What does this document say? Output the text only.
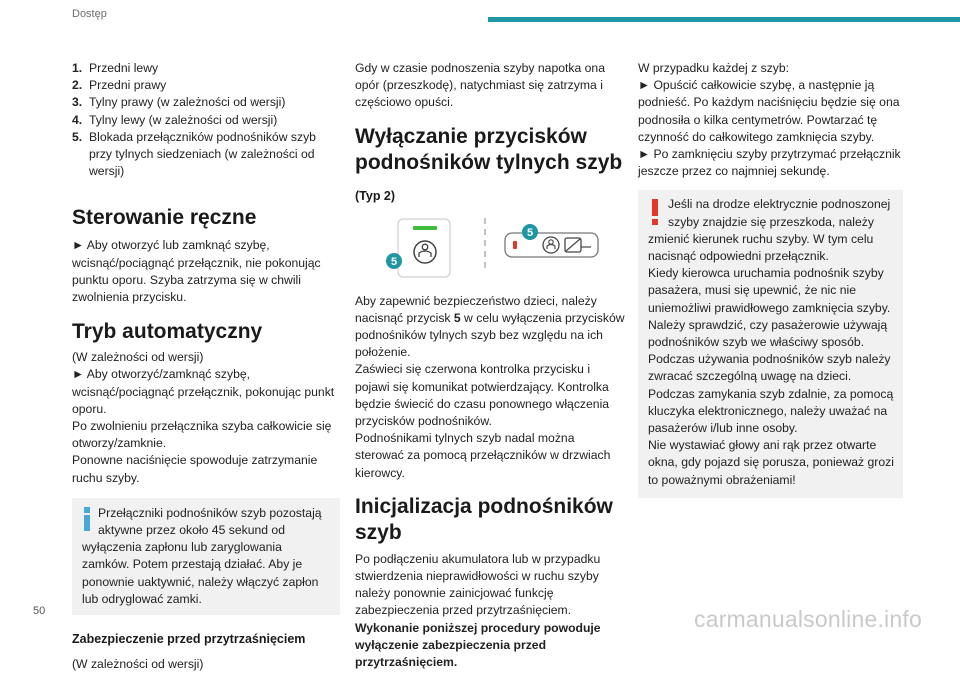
Dostęp
1. Przedni lewy
2. Przedni prawy
3. Tylny prawy (w zależności od wersji)
4. Tylny lewy (w zależności od wersji)
5. Blokada przełączników podnośników szyb przy tylnych siedzeniach (w zależności od wersji)
Sterowanie ręczne
► Aby otworzyć lub zamknąć szybę, wcisnąć/pociągnąć przełącznik, nie pokonując punktu oporu. Szyba zatrzyma się w chwili zwolnienia przycisku.
Tryb automatyczny
(W zależności od wersji)
► Aby otworzyć/zamknąć szybę, wcisnąć/pociągnąć przełącznik, pokonując punkt oporu.
Po zwolnieniu przełącznika szyba całkowicie się otworzy/zamknie.
Ponowne naciśnięcie spowoduje zatrzymanie ruchu szyby.
Przełączniki podnośników szyb pozostają
aktywne przez około 45 sekund od
wyłączenia zapłonu lub zaryglowania zamków. Potem przestają działać. Aby je ponownie uaktywnić, należy włączyć zapłon lub odryglować zamki.
Zabezpieczenie przed przytrzaśnięciem
(W zależności od wersji)
Gdy w czasie podnoszenia szyby napotka ona opór (przeszkodę), natychmiast się zatrzyma i częściowo opuści.
Wyłączanie przycisków podnośników tylnych szyb
(Typ 2)
5
5
Aby zapewnić bezpieczeństwo dzieci, należy nacisnąć przycisk 5 w celu wyłączenia przycisków podnośników tylnych szyb bez względu na ich położenie.
Zaświeci się czerwona kontrolka przycisku i pojawi się komunikat potwierdzający. Kontrolka będzie świecić do czasu ponownego włączenia przycisków podnośników.
Podnośnikami tylnych szyb nadal można sterować za pomocą przełączników w drzwiach kierowcy.
Inicjalizacja podnośników szyb
Po podłączeniu akumulatora lub w przypadku stwierdzenia nieprawidłowości w ruchu szyby należy ponownie zainicjować funkcję zabezpieczenia przed przytrzaśnięciem.
Wykonanie poniższej procedury powoduje wyłączenie zabezpieczenia przed przytrzaśnięciem.
W przypadku każdej z szyb:
► Opuścić całkowicie szybę, a następnie ją podnieść. Po każdym naciśnięciu będzie się ona podnosiła o kilka centymetrów. Powtarzać tę czynność do całkowitego zamknięcia szyby.
► Po zamknięciu szyby przytrzymać przełącznik jeszcze przez co najmniej sekundę.
Jeśli na drodze elektrycznie podnoszonej
szyby znajdzie się przeszkoda, należy
zmienić kierunek ruchu szyby. W tym celu nacisnąć odpowiedni przełącznik.
Kiedy kierowca uruchamia podnośnik szyby pasażera, musi się upewnić, że nic nie uniemożliwi prawidłowego zamknięcia szyby.
Należy sprawdzić, czy pasażerowie używają podnośników szyb we właściwy sposób.
Podczas używania podnośników szyb należy zwracać szczególną uwagę na dzieci.
Podczas zamykania szyb zdalnie, za pomocą kluczyka elektronicznego, należy uważać na pasażerów i/lub inne osoby.
Nie wystawiać głowy ani rąk przez otwarte okna, gdy pojazd się porusza, ponieważ grozi to poważnymi obrażeniami!
50	carmanualsonline.info
